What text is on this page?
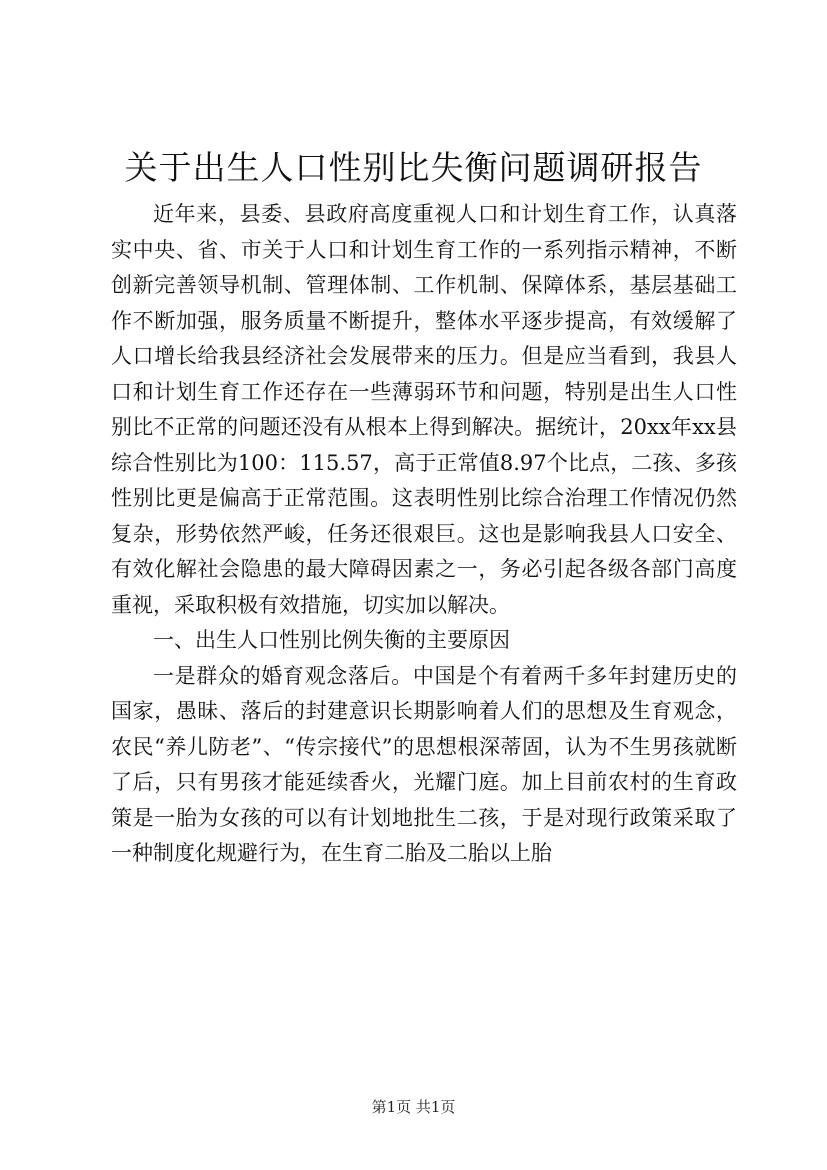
关于出生人口性别比失衡问题调研报告

近年来，县委、县政府高度重视人口和计划生育工作，认真落实中央、省、市关于人口和计划生育工作的一系列指示精神，不断创新完善领导机制、管理体制、工作机制、保障体系，基层基础工作不断加强，服务质量不断提升，整体水平逐步提高，有效缓解了人口增长给我县经济社会发展带来的压力。但是应当看到，我县人口和计划生育工作还存在一些薄弱环节和问题，特别是出生人口性别比不正常的问题还没有从根本上得到解决。据统计，20xx年xx县综合性别比为100：115.57，高于正常值8.97个比点，二孩、多孩性别比更是偏高于正常范围。这表明性别比综合治理工作情况仍然复杂，形势依然严峻，任务还很艰巨。这也是影响我县人口安全、有效化解社会隐患的最大障碍因素之一，务必引起各级各部门高度重视，采取积极有效措施，切实加以解决。

一、出生人口性别比例失衡的主要原因

一是群众的婚育观念落后。中国是个有着两千多年封建历史的国家，愚昧、落后的封建意识长期影响着人们的思想及生育观念，农民“养儿防老”、“传宗接代”的思想根深蒂固，认为不生男孩就断了后，只有男孩才能延续香火，光耀门庭。加上目前农村的生育政策是一胎为女孩的可以有计划地批生二孩，于是对现行政策采取了一种制度化规避行为，在生育二胎及二胎以上胎

第1页 共1页
